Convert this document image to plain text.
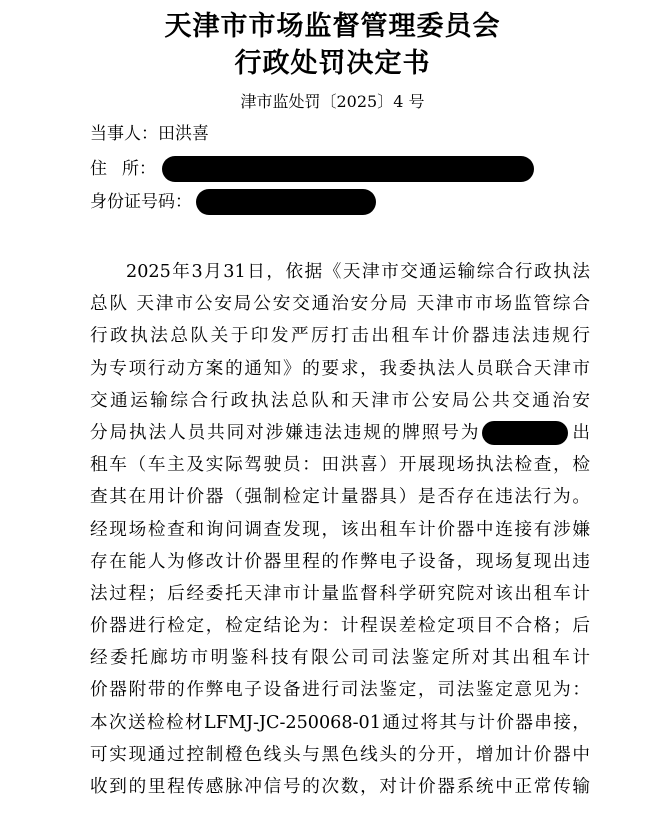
天津市市场监督管理委员会
行政处罚决定书
津市监处罚〔2025〕4 号
当事人： 田洪喜
住 所：
身份证号码：
2025年3月31日，依据《天津市交通运输综合行政执法
总队 天津市公安局公安交通治安分局 天津市市场监管综合
行政执法总队关于印发严厉打击出租车计价器违法违规行
为专项行动方案的通知》的要求，我委执法人员联合天津市
交通运输综合行政执法总队和天津市公安局公共交通治安
分局执法人员共同对涉嫌违法违规的牌照号为	出
租车（车主及实际驾驶员：田洪喜）开展现场执法检查，检
查其在用计价器（强制检定计量器具）是否存在违法行为。
经现场检查和询问调查发现，该出租车计价器中连接有涉嫌
存在能人为修改计价器里程的作弊电子设备，现场复现出违
法过程；后经委托天津市计量监督科学研究院对该出租车计
价器进行检定，检定结论为：计程误差检定项目不合格；后
经委托廊坊市明鉴科技有限公司司法鉴定所对其出租车计
价器附带的作弊电子设备进行司法鉴定，司法鉴定意见为：
本次送检检材LFMJ-JC-250068-01通过将其与计价器串接，
可实现通过控制橙色线头与黑色线头的分开，增加计价器中
收到的里程传感脉冲信号的次数，对计价器系统中正常传输
